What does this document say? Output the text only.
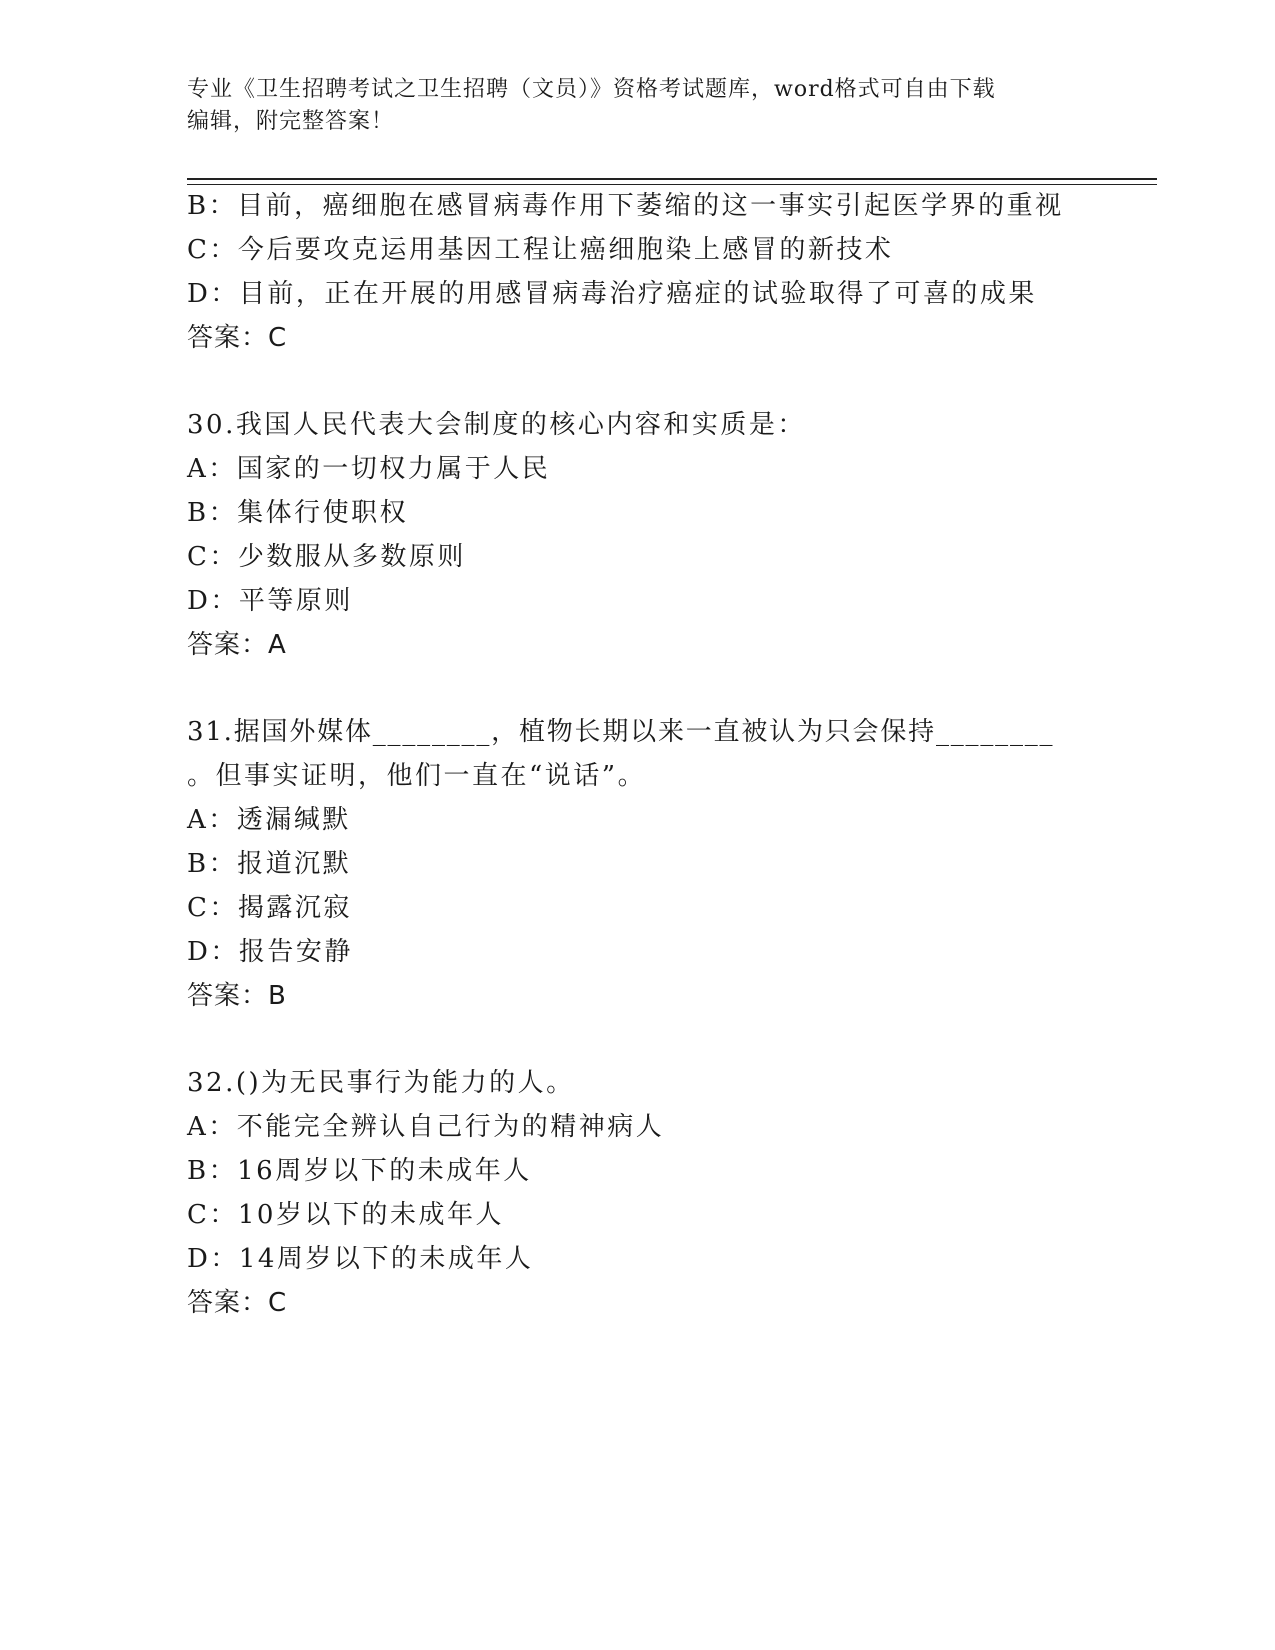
专业《卫生招聘考试之卫生招聘（文员）》资格考试题库，word格式可自由下载

编辑，附完整答案！

B：目前，癌细胞在感冒病毒作用下萎缩的这一事实引起医学界的重视
C：今后要攻克运用基因工程让癌细胞染上感冒的新技术
D：目前，正在开展的用感冒病毒治疗癌症的试验取得了可喜的成果
答案：C
30.我国人民代表大会制度的核心内容和实质是：
A：国家的一切权力属于人民
B：集体行使职权
C：少数服从多数原则
D：平等原则
答案：A
31.据国外媒体________，植物长期以来一直被认为只会保持________
。但事实证明，他们一直在“说话”。
A：透漏缄默
B：报道沉默
C：揭露沉寂
D：报告安静
答案：B
32.()为无民事行为能力的人。
A：不能完全辨认自己行为的精神病人
B：16周岁以下的未成年人
C：10岁以下的未成年人
D：14周岁以下的未成年人
答案：C
